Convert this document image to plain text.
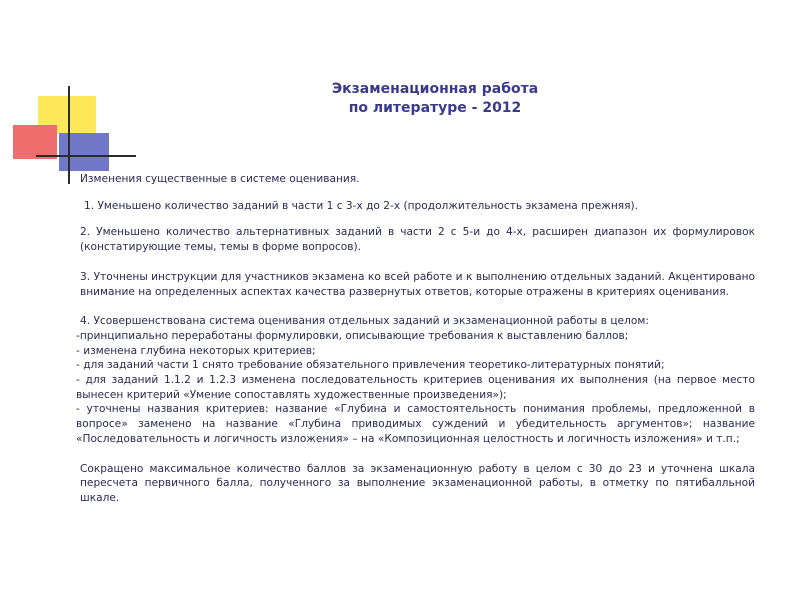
Экзаменационная работа
по литературе - 2012

Изменения существенные в системе оценивания.

1. Уменьшено количество заданий в части 1 с 3-х до 2-х (продолжительность экзамена прежняя).

2. Уменьшено количество альтернативных заданий в части 2 с 5-и до 4-х, расширен диапазон их формулировок (констатирующие темы, темы в форме вопросов).

3. Уточнены инструкции для участников экзамена ко всей работе и к выполнению отдельных заданий. Акцентировано внимание на определенных аспектах качества развернутых ответов, которые отражены в критериях оценивания.

4. Усовершенствована система оценивания отдельных заданий и экзаменационной работы в целом:

-принципиально переработаны формулировки, описывающие требования к выставлению баллов;

- изменена глубина некоторых критериев;

- для заданий части 1 снято требование обязательного привлечения теоретико-литературных понятий;

- для заданий 1.1.2 и 1.2.3 изменена последовательность критериев оценивания их выполнения (на первое место вынесен критерий «Умение сопоставлять художественные произведения»);

- уточнены названия критериев: название «Глубина и самостоятельность понимания проблемы, предложенной в вопросе» заменено на название «Глубина приводимых суждений и убедительность аргументов»; название «Последовательность и логичность изложения» – на «Композиционная целостность и логичность изложения» и т.п.;

Сокращено максимальное количество баллов за экзаменационную работу в целом с 30 до 23 и уточнена шкала пересчета первичного балла, полученного за выполнение экзаменационной работы, в отметку по пятибалльной шкале.
